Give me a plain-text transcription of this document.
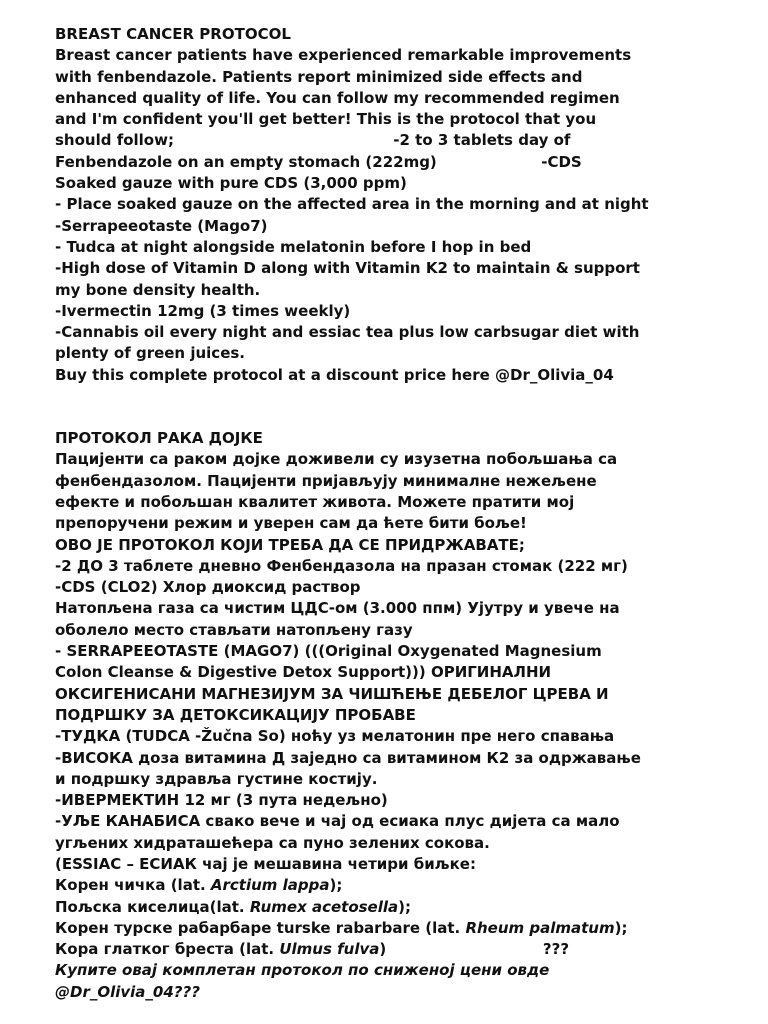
BREAST CANCER PROTOCOL
Breast cancer patients have experienced remarkable improvements
with fenbendazole. Patients report minimized side effects and
enhanced quality of life. You can follow my recommended regimen
and I'm confident you'll get better! This is the protocol that you
should follow;                                          -2 to 3 tablets day of
Fenbendazole on an empty stomach (222mg)                    -CDS
Soaked gauze with pure CDS (3,000 ppm)
- Place soaked gauze on the affected area in the morning and at night
-Serrapeeotaste (Mago7)
- Tudca at night alongside melatonin before I hop in bed
-High dose of Vitamin D along with Vitamin K2 to maintain & support
my bone density health.
-Ivermectin 12mg (3 times weekly)
-Cannabis oil every night and essiac tea plus low carbsugar diet with
plenty of green juices.
Buy this complete protocol at a discount price here @Dr_Olivia_04
ПРОТОКОЛ РАКА ДОЈКЕ
Пацијенти са раком дојке доживели су изузетна побољшања са
фенбендазолом. Пацијенти пријављују минималне нежељене
ефекте и побољшан квалитет живота. Можете пратити мој
препоручени режим и уверен сам да ћете бити боље!
ОВО ЈЕ ПРОТОКОЛ КОЈИ ТРЕБА ДА СЕ ПРИДРЖАВАТЕ;
-2 ДО 3 таблете дневно Фенбендазола на празан стомак (222 мг)
-CDS (CLO2) Хлор диоксид раствор
Натопљена газа са чистим ЦДС-ом (3.000 ппм) Ујутру и увече на
оболело место стављати натопљену газу
- SERRAPEEOTASTE (MAGO7) (((Original Oxygenated Magnesium
Colon Cleanse & Digestive Detox Support))) ОРИГИНАЛНИ
ОКСИГЕНИСАНИ МАГНЕЗИЈУМ ЗА ЧИШЋЕЊЕ ДЕБЕЛОГ ЦРЕВА И
ПОДРШКУ ЗА ДЕТОКСИКАЦИЈУ ПРОБАВЕ
-ТУДКА (TUDCA -Žučna So) ноћу уз мелатонин пре него спавања
-ВИСОКА доза витамина Д заједно са витамином К2 за одржавање
и подршку здравља густине костију.
-ИВЕРМЕКТИН 12 мг (3 пута недељно)
-УЉЕ КАНАБИСА свако вече и чај од есиака плус дијета са мало
угљених хидраташећера са пуно зелених сокова.
(ESSIAC – ЕСИАК чај је мешавина четири биљке:
Корен чичка (lat. Arctium lappa);
Пољска киселица(lat. Rumex acetosella);
Корен турске рабарбаре turske rabarbare (lat. Rheum palmatum);
Кора глатког бреста (lat. Ulmus fulva)                              ???
Купите овај комплетан протокол по сниженој цени овде
@Dr_Olivia_04???
